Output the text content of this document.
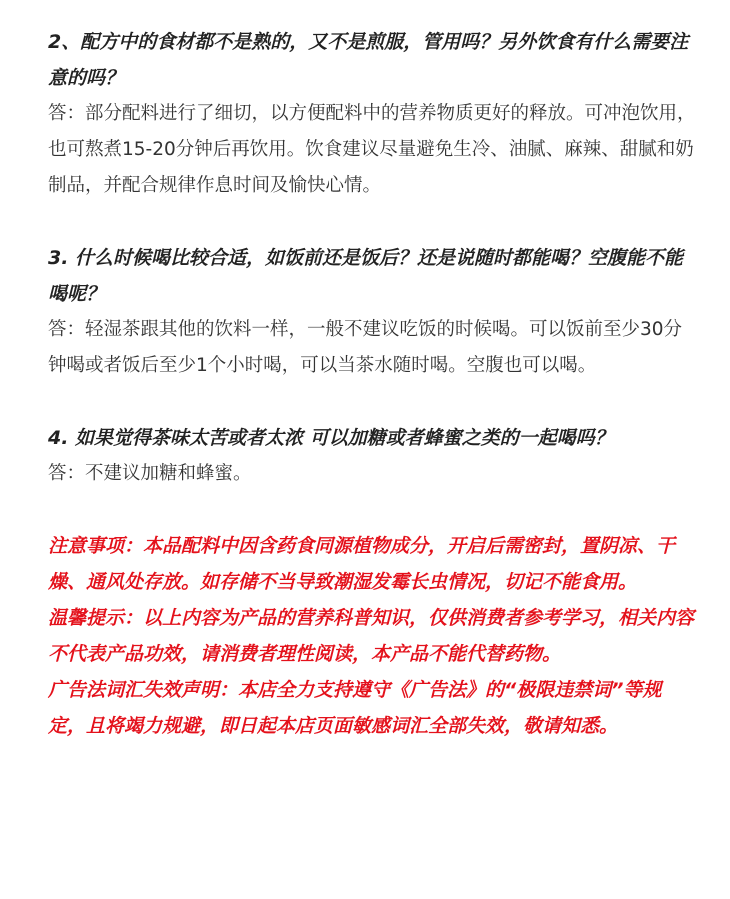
2、配方中的食材都不是熟的，又不是煎服，管用吗？另外饮食有什么需要注意的吗？

答：部分配料进行了细切，以方便配料中的营养物质更好的释放。可冲泡饮用，也可熬煮15-20分钟后再饮用。饮食建议尽量避免生冷、油腻、麻辣、甜腻和奶制品，并配合规律作息时间及愉快心情。

3. 什么时候喝比较合适，如饭前还是饭后？还是说随时都能喝？空腹能不能喝呢？

答：轻湿茶跟其他的饮料一样，一般不建议吃饭的时候喝。可以饭前至少30分钟喝或者饭后至少1个小时喝，可以当茶水随时喝。空腹也可以喝。

4. 如果觉得茶味太苦或者太浓 可以加糖或者蜂蜜之类的一起喝吗？

答：不建议加糖和蜂蜜。

注意事项：本品配料中因含药食同源植物成分，开启后需密封，置阴凉、干燥、通风处存放。如存储不当导致潮湿发霉长虫情况，切记不能食用。

温馨提示：以上内容为产品的营养科普知识，仅供消费者参考学习，相关内容不代表产品功效，请消费者理性阅读，本产品不能代替药物。

广告法词汇失效声明：本店全力支持遵守《广告法》的“极限违禁词”等规定，且将竭力规避，即日起本店页面敏感词汇全部失效，敬请知悉。
